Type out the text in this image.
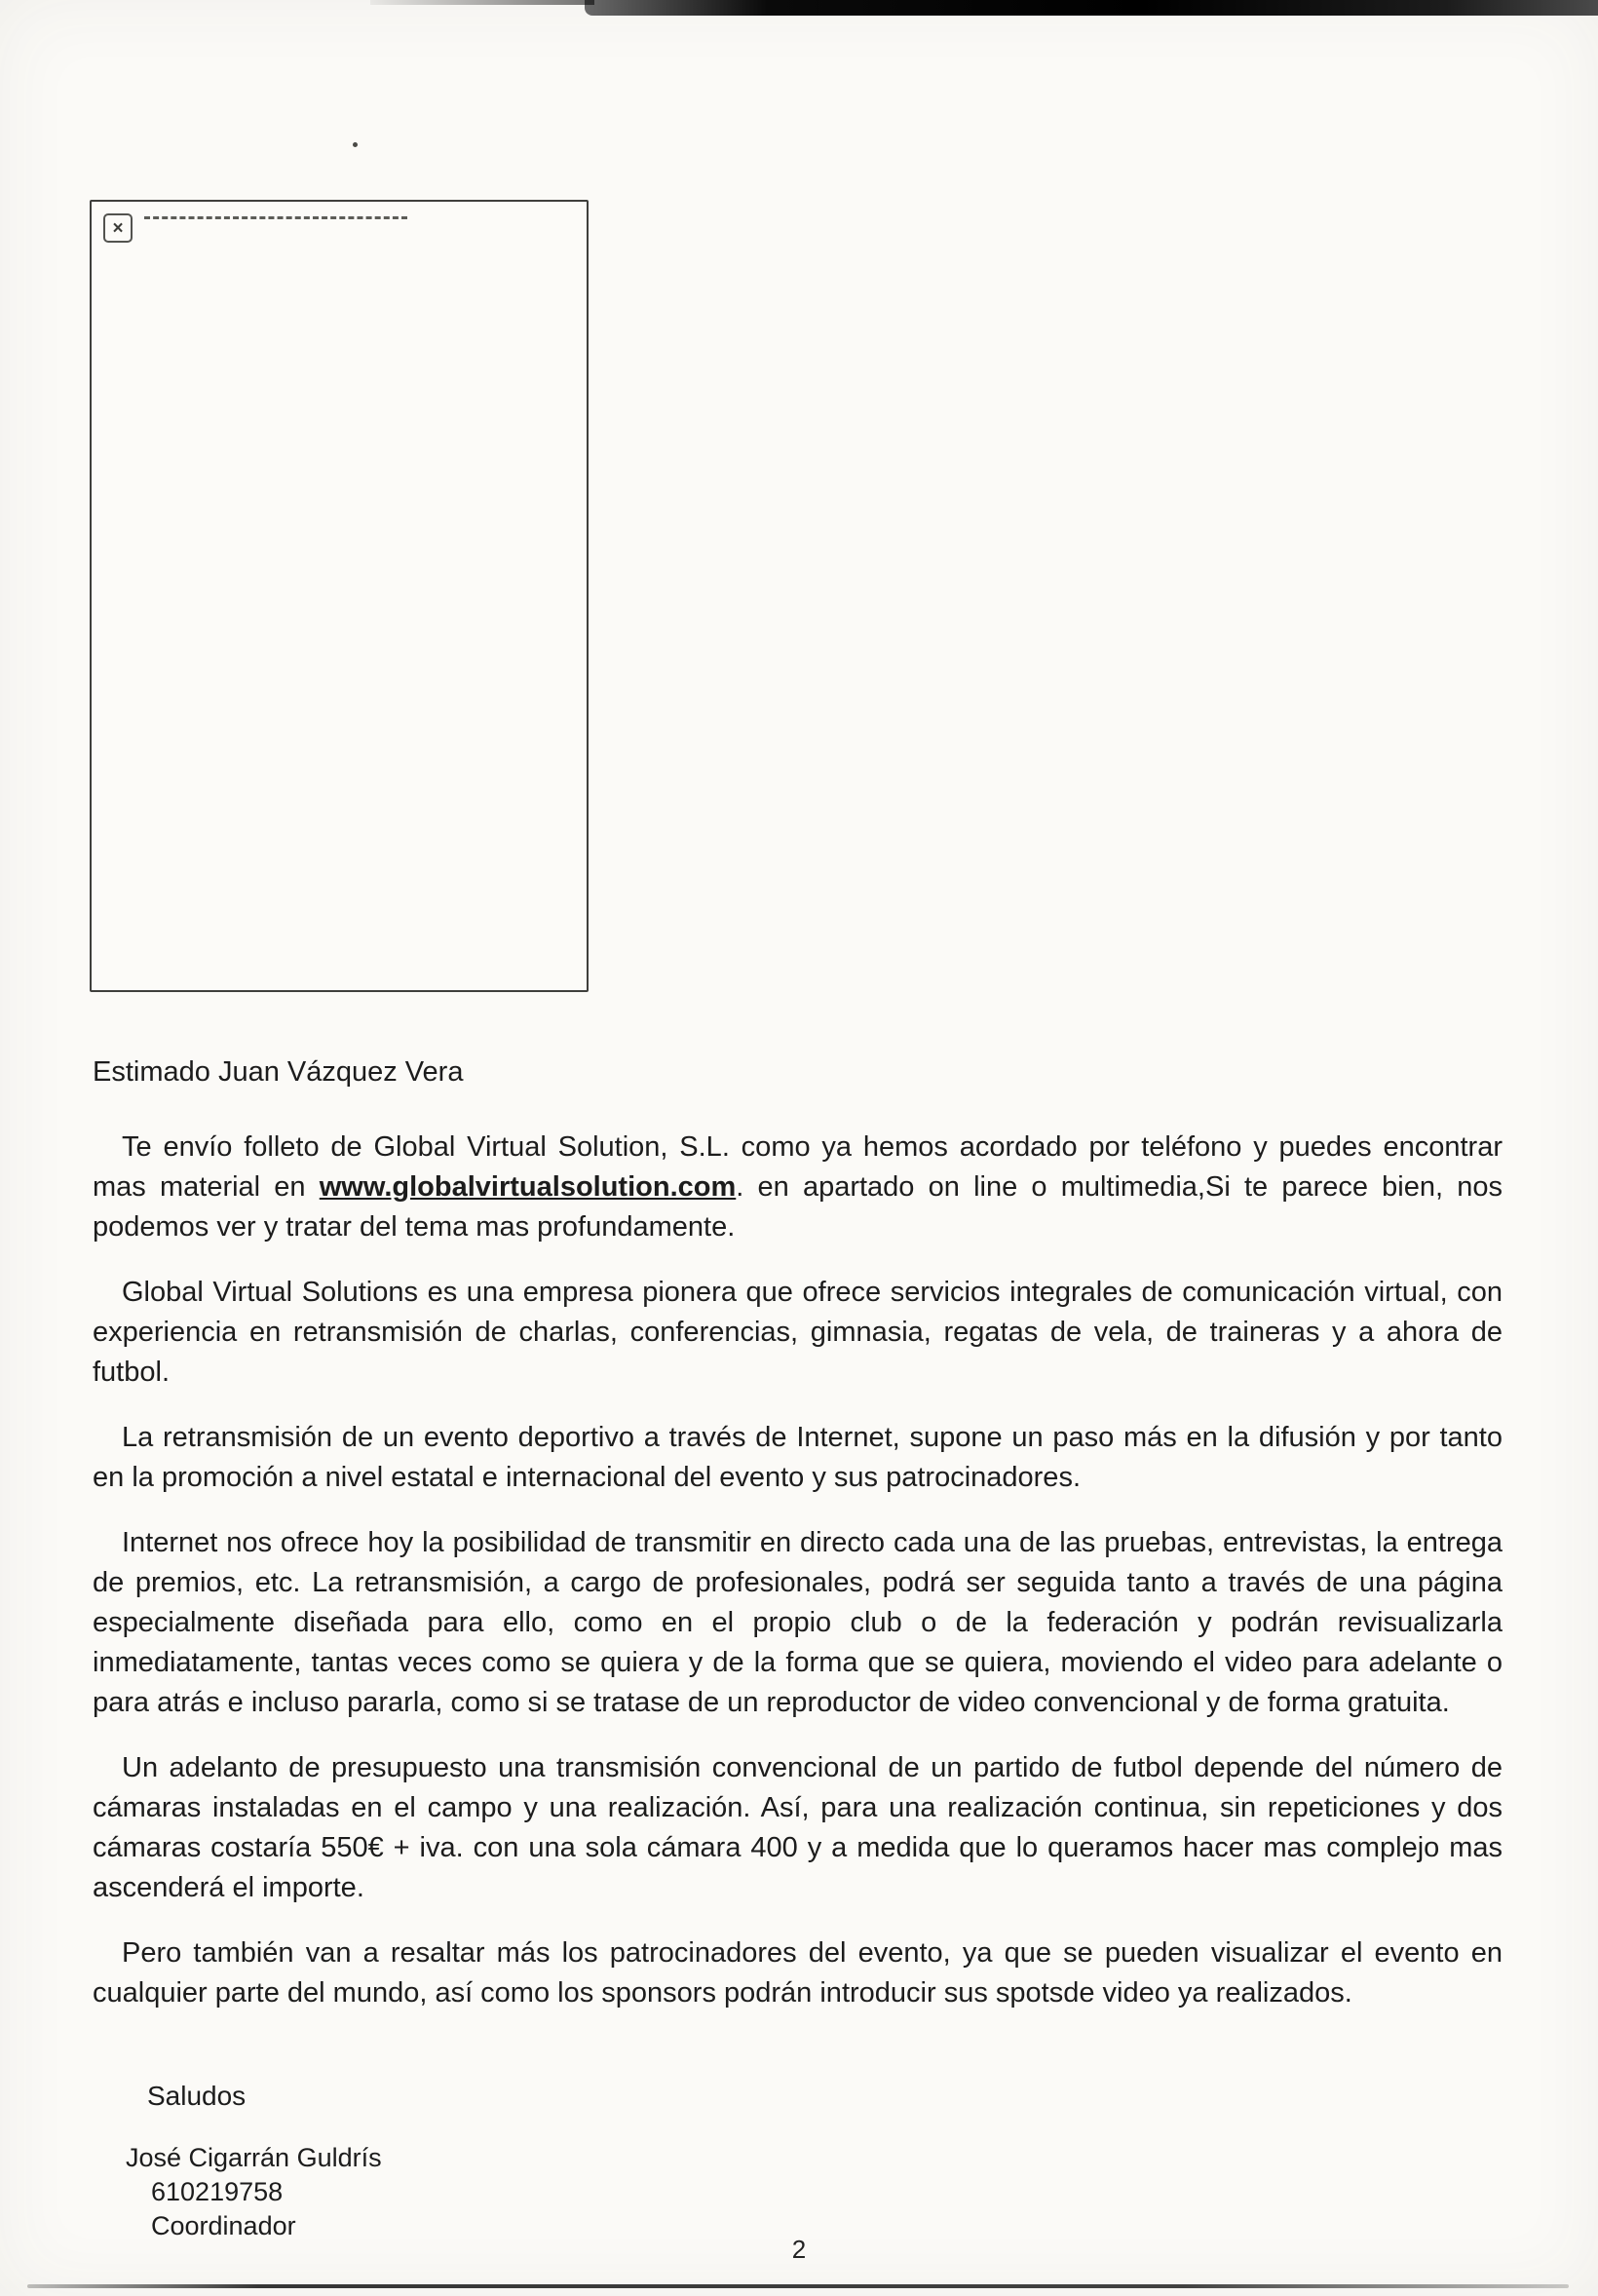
×
Estimado Juan Vázquez Vera

Te envío folleto de Global Virtual Solution, S.L. como ya hemos acordado por teléfono y puedes encontrar mas material en www.globalvirtualsolution.com. en apartado on line o multimedia,Si te parece bien, nos podemos ver y tratar del tema mas profundamente.

Global Virtual Solutions es una empresa pionera que ofrece servicios integrales de comunicación virtual, con experiencia en retransmisión de charlas, conferencias, gimnasia, regatas de vela, de traineras y a ahora de futbol.

La retransmisión de un evento deportivo a través de Internet, supone un paso más en la difusión y por tanto en la promoción a nivel estatal e internacional del evento y sus patrocinadores.

Internet nos ofrece hoy la posibilidad de transmitir en directo cada una de las pruebas, entrevistas, la entrega de premios, etc. La retransmisión, a cargo de profesionales, podrá ser seguida tanto a través de una página especialmente diseñada para ello, como en el propio club o de la federación y podrán revisualizarla inmediatamente, tantas veces como se quiera y de la forma que se quiera, moviendo el video para adelante o para atrás e incluso pararla, como si se tratase de un reproductor de video convencional y de forma gratuita.

Un adelanto de presupuesto una transmisión convencional de un partido de futbol depende del número de cámaras instaladas en el campo y una realización. Así, para una realización continua, sin repeticiones y dos cámaras costaría 550€ + iva. con una sola cámara 400 y a medida que lo queramos hacer mas complejo mas ascenderá el importe.

Pero también van a resaltar más los patrocinadores del evento, ya que se pueden visualizar el evento en cualquier parte del mundo, así como los sponsors podrán introducir sus spotsde video ya realizados.

Saludos
José Cigarrán Guldrís
610219758
Coordinador
2
